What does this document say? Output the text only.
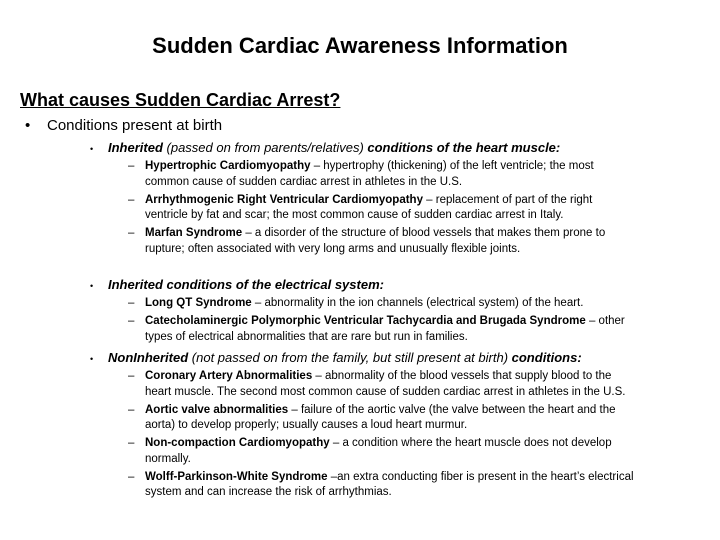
Sudden Cardiac Awareness Information
What causes Sudden Cardiac Arrest?
• Conditions present at birth
• Inherited (passed on from parents/relatives) conditions of the heart muscle:
– Hypertrophic Cardiomyopathy – hypertrophy (thickening) of the left ventricle; the most common cause of sudden cardiac arrest in athletes in the U.S.
– Arrhythmogenic Right Ventricular Cardiomyopathy – replacement of part of the right ventricle by fat and scar; the most common cause of sudden cardiac arrest in Italy.
– Marfan Syndrome – a disorder of the structure of blood vessels that makes them prone to rupture; often associated with very long arms and unusually flexible joints.
• Inherited conditions of the electrical system:
– Long QT Syndrome – abnormality in the ion channels (electrical system) of the heart.
– Catecholaminergic Polymorphic Ventricular Tachycardia and Brugada Syndrome – other types of electrical abnormalities that are rare but run in families.
• NonInherited (not passed on from the family, but still present at birth) conditions:
– Coronary Artery Abnormalities – abnormality of the blood vessels that supply blood to the heart muscle. The second most common cause of sudden cardiac arrest in athletes in the U.S.
– Aortic valve abnormalities – failure of the aortic valve (the valve between the heart and the aorta) to develop properly; usually causes a loud heart murmur.
– Non-compaction Cardiomyopathy – a condition where the heart muscle does not develop normally.
– Wolff-Parkinson-White Syndrome –an extra conducting fiber is present in the heart’s electrical system and can increase the risk of arrhythmias.
